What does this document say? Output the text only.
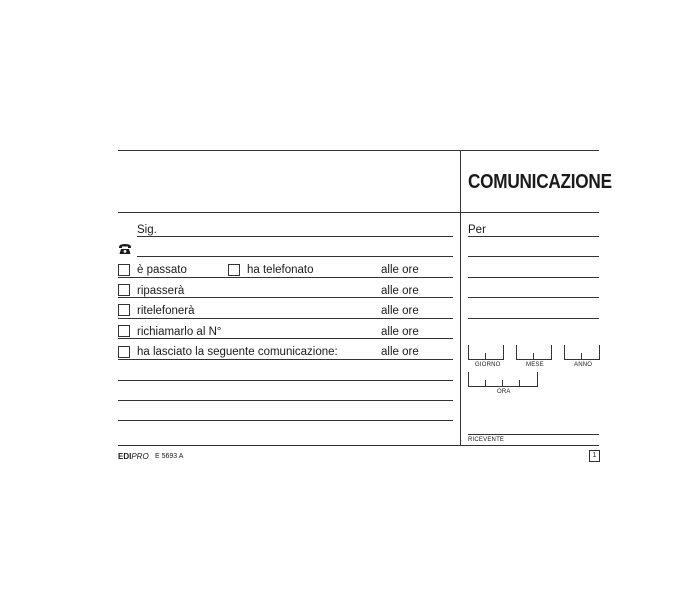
COMUNICAZIONE
Sig.
è passato	ha telefonato	alle ore
ripasserà	alle ore
ritelefonerà	alle ore
richiamarlo al N°	alle ore
ha lasciato la seguente comunicazione:	alle ore
Per
GIORNO	MESE	ANNO
ORA
RICEVENTE
EDIPRO E 5693 A	1
